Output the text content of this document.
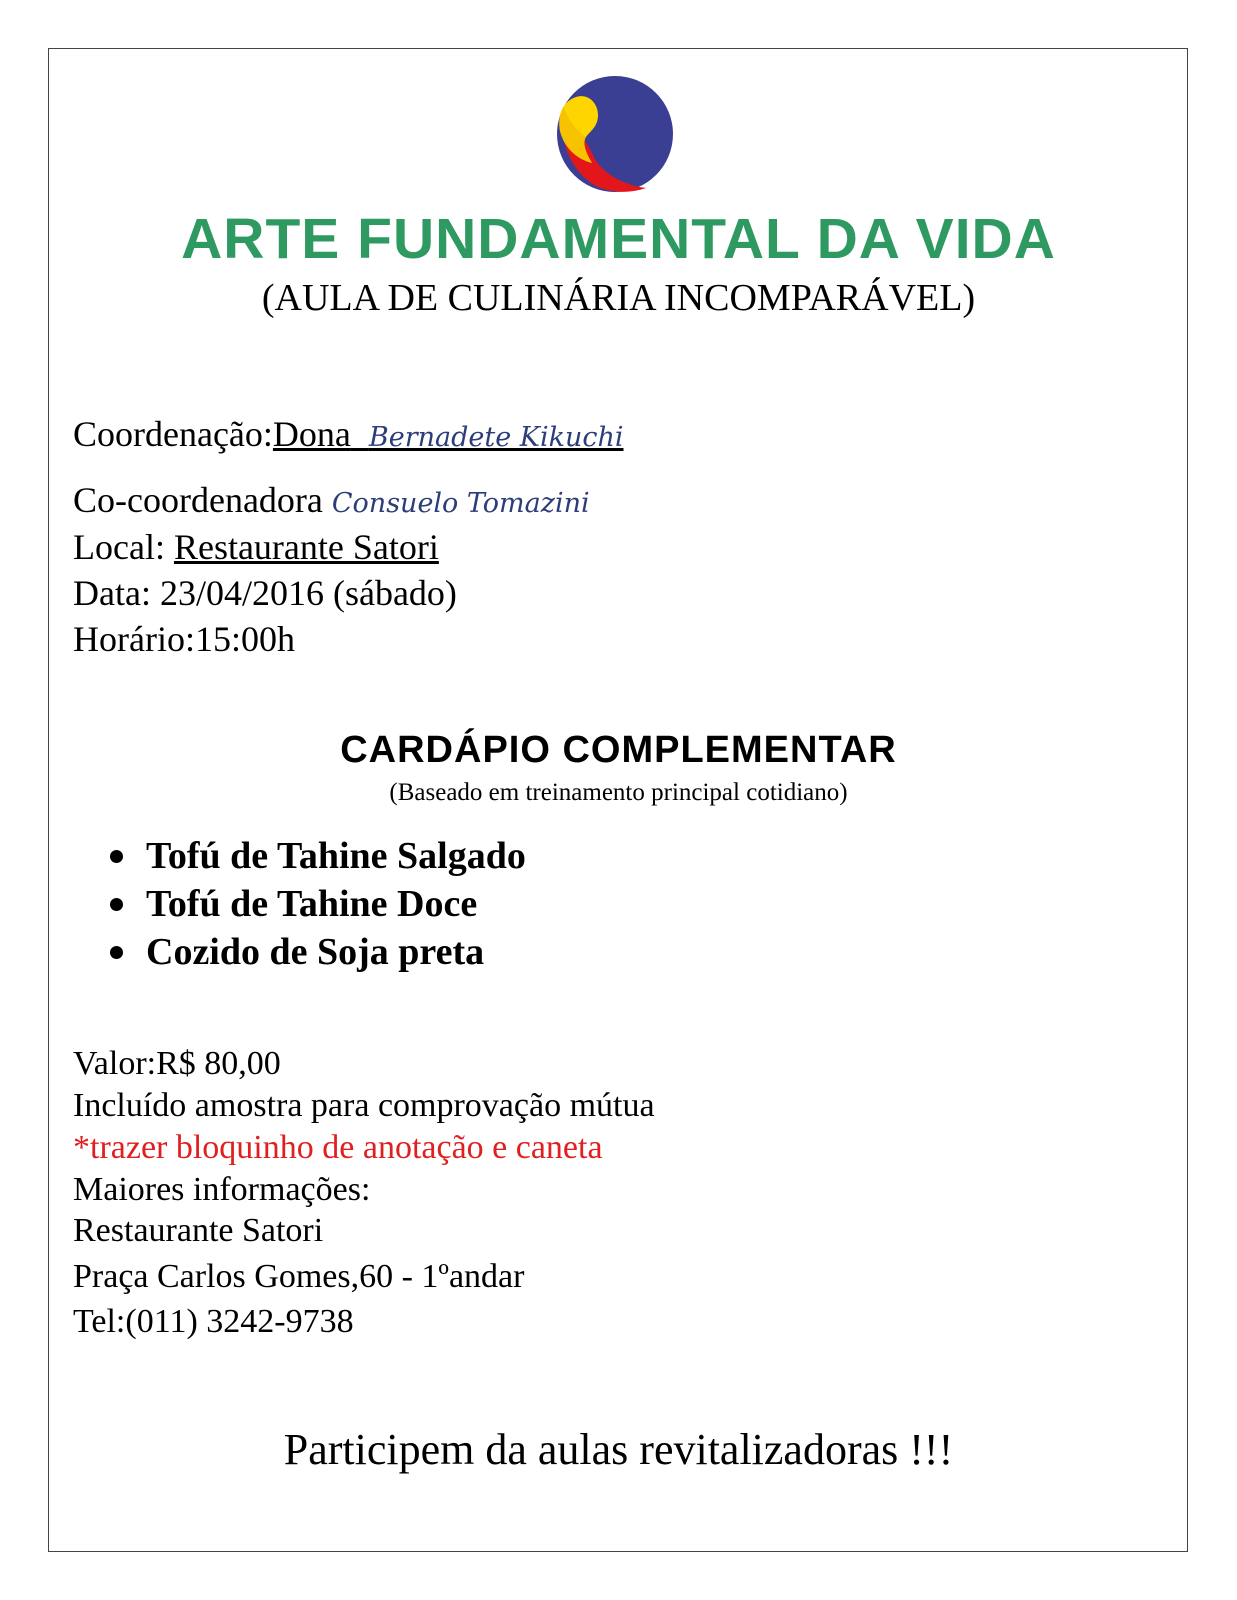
ARTE FUNDAMENTAL DA VIDA
(AULA DE CULINÁRIA INCOMPARÁVEL)
Coordenação:Dona Bernadete Kikuchi
Co-coordenadora Consuelo Tomazini
Local: Restaurante Satori
Data: 23/04/2016 (sábado)
Horário:15:00h
CARDÁPIO COMPLEMENTAR
(Baseado em treinamento principal cotidiano)
Tofú de Tahine Salgado
Tofú de Tahine Doce
Cozido de Soja preta
Valor:R$ 80,00
Incluído amostra para comprovação mútua
*trazer bloquinho de anotação e caneta
Maiores informações:
Restaurante Satori
Praça Carlos Gomes,60 - 1ºandar
Tel:(011) 3242-9738
Participem da aulas revitalizadoras !!!
